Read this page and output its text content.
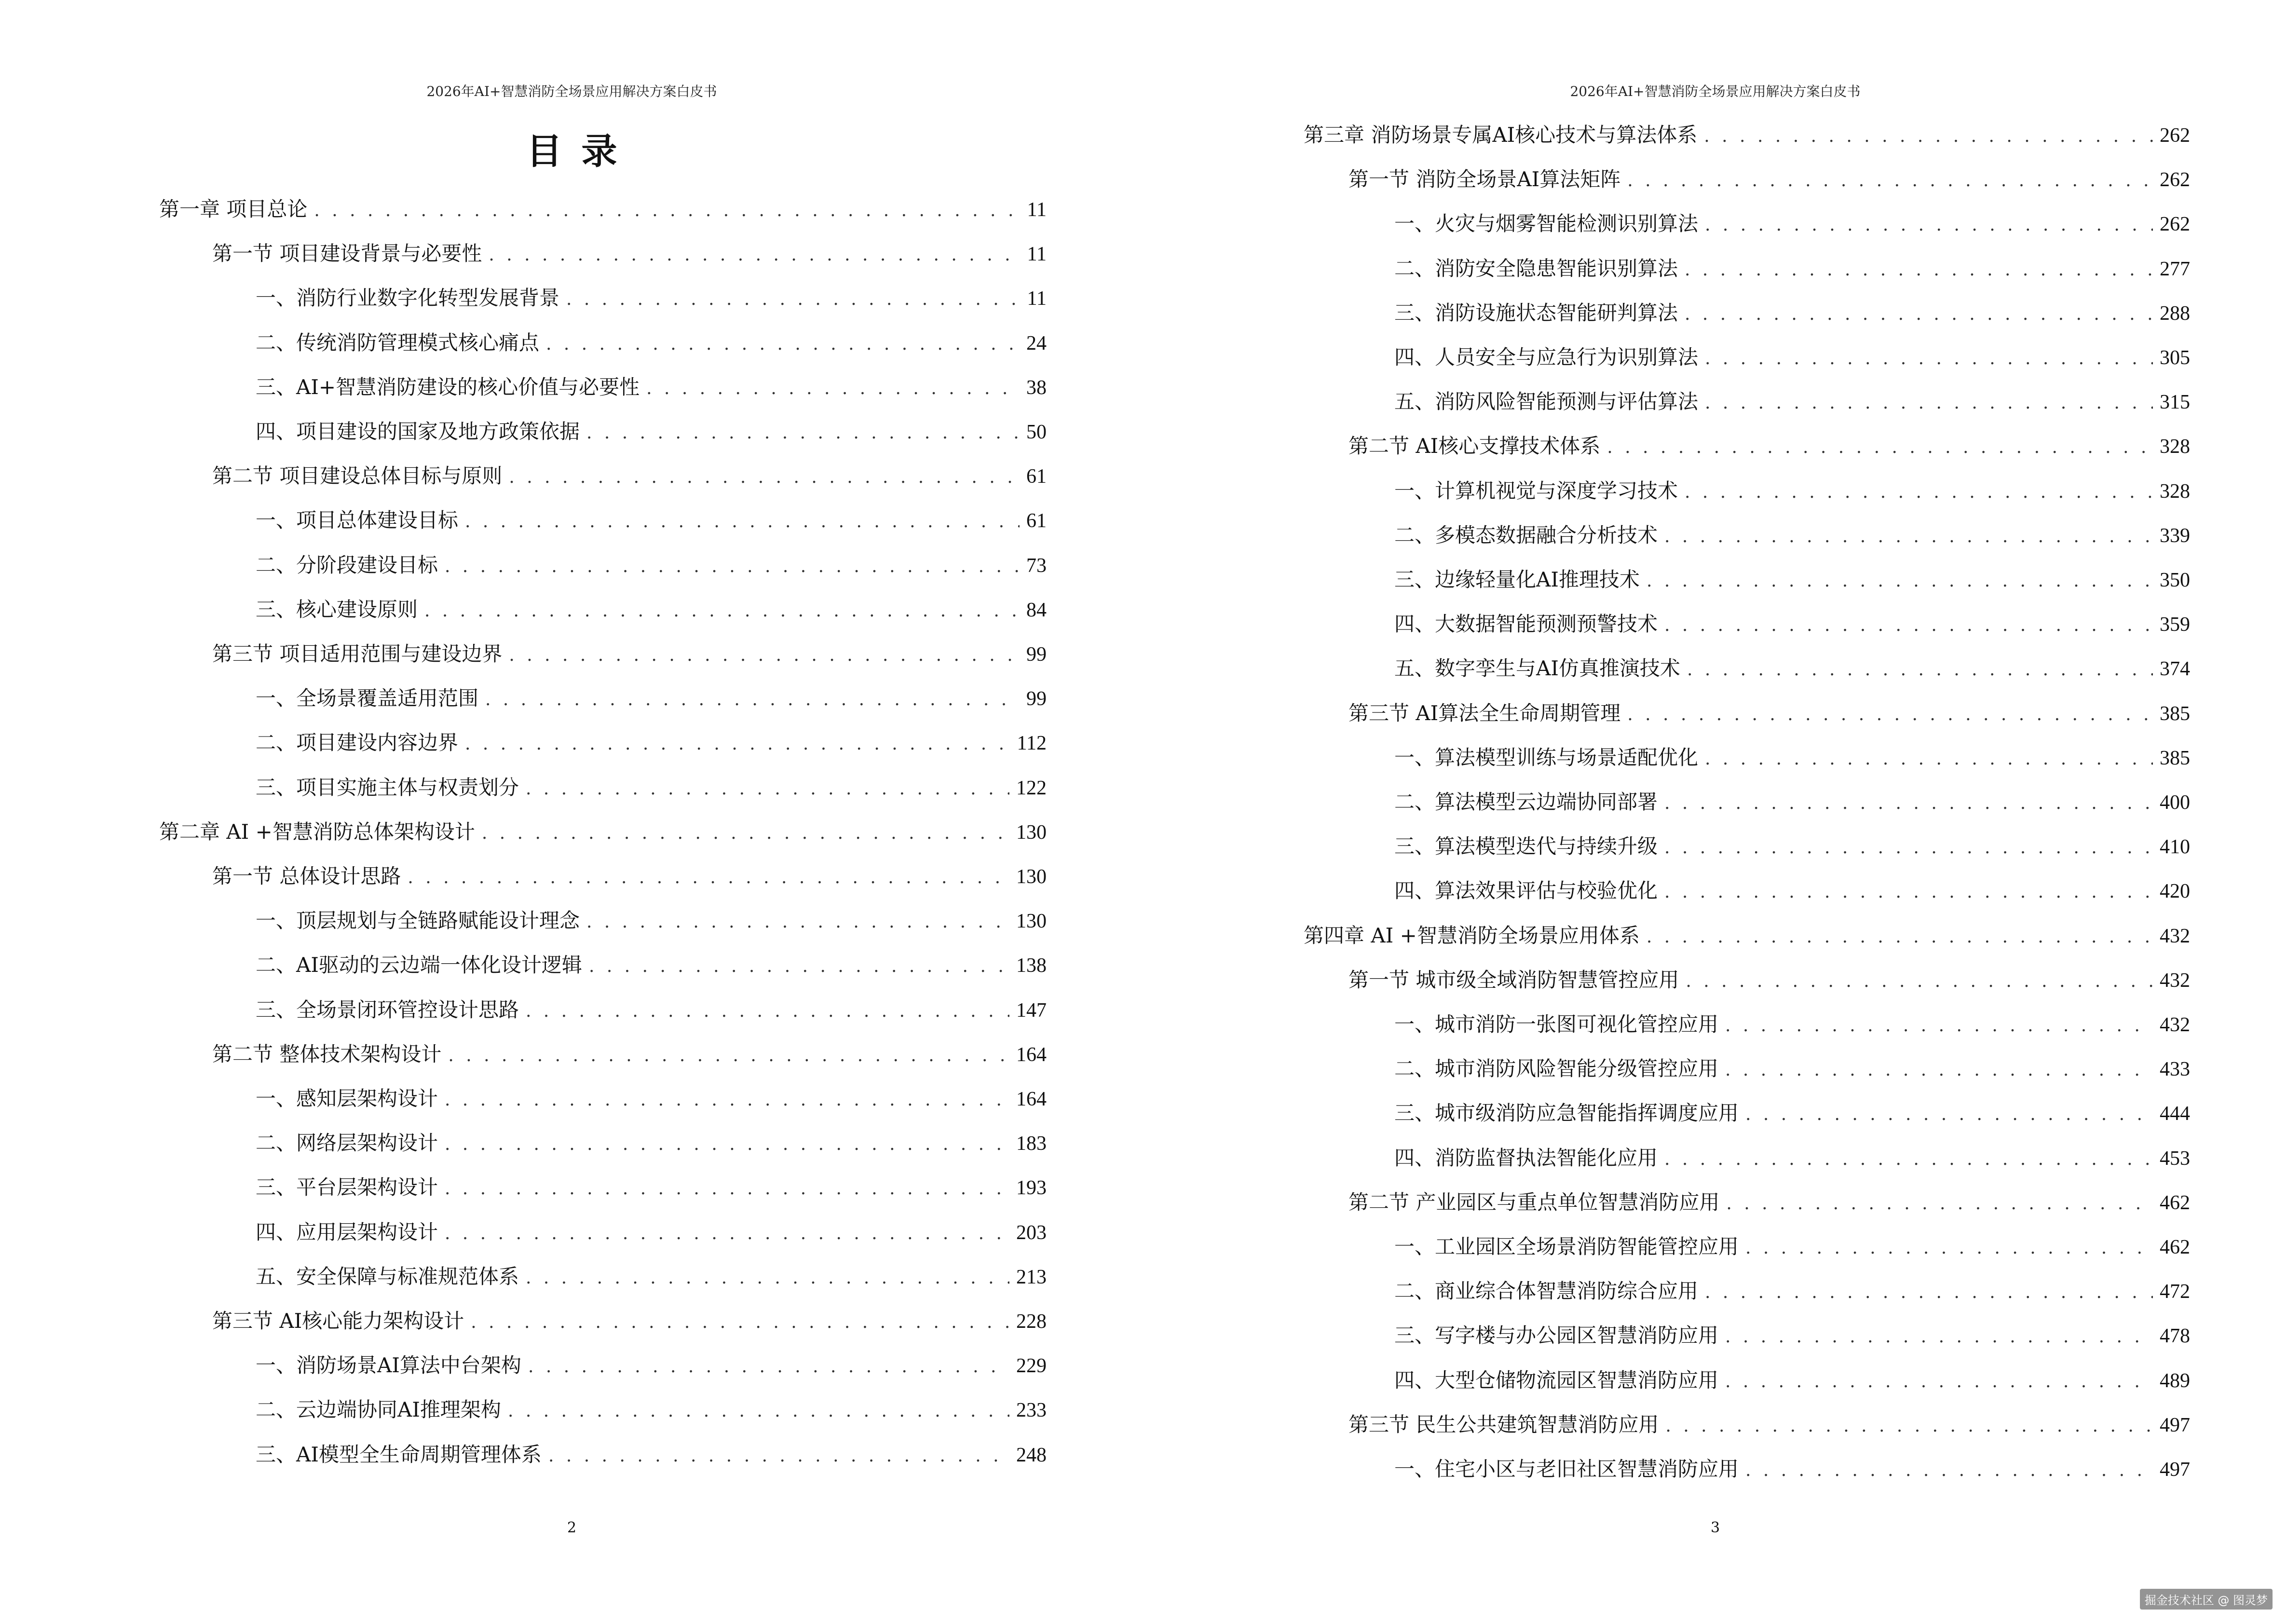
2026年AI+智慧消防全场景应用解决方案白皮书
目录
第一章 项目总论 . . .	11
第一节 项目建设背景与必要性 . . .	11
一、消防行业数字化转型发展背景 . . .	11
二、传统消防管理模式核心痛点 . . .	24
三、AI+智慧消防建设的核心价值与必要性 . . .	38
四、项目建设的国家及地方政策依据 . . .	50
第二节 项目建设总体目标与原则 . . .	61
一、项目总体建设目标 . . .	61
二、分阶段建设目标 . . .	73
三、核心建设原则 . . .	84
第三节 项目适用范围与建设边界 . . .	99
一、全场景覆盖适用范围 . . .	99
二、项目建设内容边界 . . .	112
三、项目实施主体与权责划分 . . .	122
第二章 AI +智慧消防总体架构设计 . . .	130
第一节 总体设计思路 . . .	130
一、顶层规划与全链路赋能设计理念 . . .	130
二、AI驱动的云边端一体化设计逻辑 . . .	138
三、全场景闭环管控设计思路 . . .	147
第二节 整体技术架构设计 . . .	164
一、感知层架构设计 . . .	164
二、网络层架构设计 . . .	183
三、平台层架构设计 . . .	193
四、应用层架构设计 . . .	203
五、安全保障与标准规范体系 . . .	213
第三节 AI核心能力架构设计 . . .	228
一、消防场景AI算法中台架构 . . .	229
二、云边端协同AI推理架构 . . .	233
三、AI模型全生命周期管理体系 . . .	248
2
2026年AI+智慧消防全场景应用解决方案白皮书
第三章 消防场景专属AI核心技术与算法体系 . . .	262
第一节 消防全场景AI算法矩阵 . . .	262
一、火灾与烟雾智能检测识别算法 . . .	262
二、消防安全隐患智能识别算法 . . .	277
三、消防设施状态智能研判算法 . . .	288
四、人员安全与应急行为识别算法 . . .	305
五、消防风险智能预测与评估算法 . . .	315
第二节 AI核心支撑技术体系 . . .	328
一、计算机视觉与深度学习技术 . . .	328
二、多模态数据融合分析技术 . . .	339
三、边缘轻量化AI推理技术 . . .	350
四、大数据智能预测预警技术 . . .	359
五、数字孪生与AI仿真推演技术 . . .	374
第三节 AI算法全生命周期管理 . . .	385
一、算法模型训练与场景适配优化 . . .	385
二、算法模型云边端协同部署 . . .	400
三、算法模型迭代与持续升级 . . .	410
四、算法效果评估与校验优化 . . .	420
第四章 AI +智慧消防全场景应用体系 . . .	432
第一节 城市级全域消防智慧管控应用 . . .	432
一、城市消防一张图可视化管控应用 . . .	432
二、城市消防风险智能分级管控应用 . . .	433
三、城市级消防应急智能指挥调度应用 . . .	444
四、消防监督执法智能化应用 . . .	453
第二节 产业园区与重点单位智慧消防应用 . . .	462
一、工业园区全场景消防智能管控应用 . . .	462
二、商业综合体智慧消防综合应用 . . .	472
三、写字楼与办公园区智慧消防应用 . . .	478
四、大型仓储物流园区智慧消防应用 . . .	489
第三节 民生公共建筑智慧消防应用 . . .	497
一、住宅小区与老旧社区智慧消防应用 . . .	497
3
掘金技术社区 @ 图灵梦
